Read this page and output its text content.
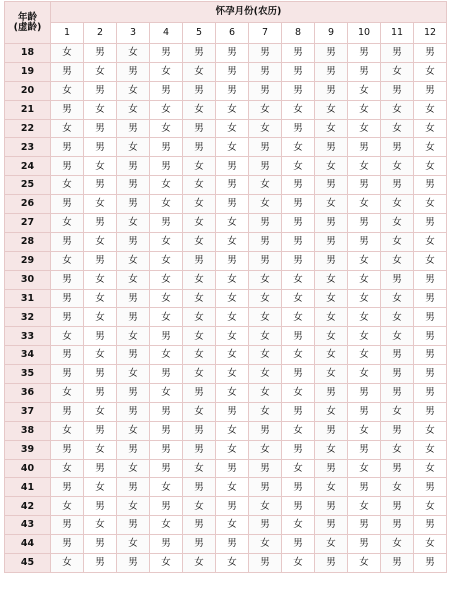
年龄
(虚龄)	怀孕月份(农历)											
	1	2	3	4	5	6	7	8	9	10	11	12
18	女	男	女	男	男	男	男	男	男	男	男	男
19	男	女	男	女	女	男	男	男	男	男	女	女
20	女	男	女	男	男	男	男	男	男	女	男	男
21	男	女	女	女	女	女	女	女	女	女	女	女
22	女	男	男	女	男	女	女	男	女	女	女	女
23	男	男	女	男	男	女	男	女	男	男	男	女
24	男	女	男	男	女	男	男	女	女	女	女	女
25	女	男	男	女	女	男	女	男	男	男	男	男
26	男	女	男	女	女	男	女	男	女	女	女	女
27	女	男	女	男	女	女	男	男	男	男	女	男
28	男	女	男	女	女	女	男	男	男	男	女	女
29	女	男	女	女	男	男	男	男	男	女	女	女
30	男	女	女	女	女	女	女	女	女	女	男	男
31	男	女	男	女	女	女	女	女	女	女	女	男
32	男	女	男	女	女	女	女	女	女	女	女	男
33	女	男	女	男	女	女	女	男	女	女	女	男
34	男	女	男	女	女	女	女	女	女	女	男	男
35	男	男	女	男	女	女	女	男	女	女	男	男
36	女	男	男	女	男	女	女	女	男	男	男	男
37	男	女	男	男	女	男	女	男	女	男	女	男
38	女	男	女	男	男	女	男	女	男	女	男	女
39	男	女	男	男	男	女	女	男	女	男	女	女
40	女	男	女	男	女	男	男	女	男	女	男	女
41	男	女	男	女	男	女	男	男	女	男	女	男
42	女	男	女	男	女	男	女	男	男	女	男	女
43	男	女	男	女	男	女	男	女	男	男	男	男
44	男	男	女	男	男	男	女	男	女	男	女	女
45	女	男	男	女	女	女	男	女	男	女	男	男
